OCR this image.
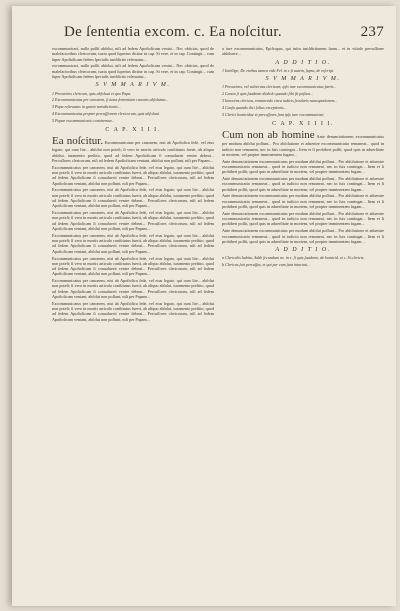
De ſententia excom. c. Ea noſcitur.	237

excommunicari, nullo poſſit abſolui, niſi ad ſedem Apoſtolicam veniat... Nec obiicias, quod de malefactoribus clericorum, iuxta quod ſuperius dicitur in cap. Si vere, et in cap. Contingit... cum ſuper Apoſtolicam ſedem ſpecialis iuriſdictio reſeruatur...

excommunicari, nullo poſſit abſolui, niſi ad ſedem Apoſtolicam veniat... Nec obiicias, quod de malefactoribus clericorum, iuxta quod ſuperius dicitur in cap. Si vere, et in cap. Contingit... cum ſuper Apoſtolicam ſedem ſpecialis iuriſdictio reſeruatur...

S V M M A R I V M.

1 Percutiens clericum, quis abſoluat et quo Papa.

2 Excommunicatus per canonem, ſi iuxta ſententiam canonis abſoluitur...

3 Papa reſeruatus in gratia iurisdictionis...

4 Excommunicatus propter percuſſionem clericorum, quis abſoluat.

5 Papae excommunicatio continentur...

C A P. X I I I.

Ea noſcitur. Excommunicatus per canonem, nisi ab Apoſtolica ſede, vel eius legato, qui cum lite... abſolui non poteſt; ſi vero in mortis articulo conſtitutus fuerit, ab aliquo abſolui, iuramento preſtito, quod ad ſedem Apoſtolicam ſi conualuerit venire debeat... Percuſſores clericorum, niſi ad ſedem Apoſtolicam veniant, abſolui non poſſunt, niſi per Papam...

Excommunicatus per canonem, nisi ab Apoſtolica ſede, vel eius legato, qui cum lite... abſolui non poteſt; ſi vero in mortis articulo conſtitutus fuerit, ab aliquo abſolui, iuramento preſtito, quod ad ſedem Apoſtolicam ſi conualuerit venire debeat... Percuſſores clericorum, niſi ad ſedem Apoſtolicam veniant, abſolui non poſſunt, niſi per Papam...

Excommunicatus per canonem, nisi ab Apoſtolica ſede, vel eius legato, qui cum lite... abſolui non poteſt; ſi vero in mortis articulo conſtitutus fuerit, ab aliquo abſolui, iuramento preſtito, quod ad ſedem Apoſtolicam ſi conualuerit venire debeat... Percuſſores clericorum, niſi ad ſedem Apoſtolicam veniant, abſolui non poſſunt, niſi per Papam...

Excommunicatus per canonem, nisi ab Apoſtolica ſede, vel eius legato, qui cum lite... abſolui non poteſt; ſi vero in mortis articulo conſtitutus fuerit, ab aliquo abſolui, iuramento preſtito, quod ad ſedem Apoſtolicam ſi conualuerit venire debeat... Percuſſores clericorum, niſi ad ſedem Apoſtolicam veniant, abſolui non poſſunt, niſi per Papam...

Excommunicatus per canonem, nisi ab Apoſtolica ſede, vel eius legato, qui cum lite... abſolui non poteſt; ſi vero in mortis articulo conſtitutus fuerit, ab aliquo abſolui, iuramento preſtito, quod ad ſedem Apoſtolicam ſi conualuerit venire debeat... Percuſſores clericorum, niſi ad ſedem Apoſtolicam veniant, abſolui non poſſunt, niſi per Papam...

Excommunicatus per canonem, nisi ab Apoſtolica ſede, vel eius legato, qui cum lite... abſolui non poteſt; ſi vero in mortis articulo conſtitutus fuerit, ab aliquo abſolui, iuramento preſtito, quod ad ſedem Apoſtolicam ſi conualuerit venire debeat... Percuſſores clericorum, niſi ad ſedem Apoſtolicam veniant, abſolui non poſſunt, niſi per Papam...

Excommunicatus per canonem, nisi ab Apoſtolica ſede, vel eius legato, qui cum lite... abſolui non poteſt; ſi vero in mortis articulo conſtitutus fuerit, ab aliquo abſolui, iuramento preſtito, quod ad ſedem Apoſtolicam ſi conualuerit venire debeat... Percuſſores clericorum, niſi ad ſedem Apoſtolicam veniant, abſolui non poſſunt, niſi per Papam...

Excommunicatus per canonem, nisi ab Apoſtolica ſede, vel eius legato, qui cum lite... abſolui non poteſt; ſi vero in mortis articulo conſtitutus fuerit, ab aliquo abſolui, iuramento preſtito, quod ad ſedem Apoſtolicam ſi conualuerit venire debeat... Percuſſores clericorum, niſi ad ſedem Apoſtolicam veniant, abſolui non poſſunt, niſi per Papam...

a iure excommunicatus, Epiſcopus, qui infra iuriſdictionem ſuam... et in vitioſo percuſſione abſoluere...

A D D I T I O.

1 Intellige, De viribus tamen vide Fel. in c.ſi autem, ſupra, de reſcript.

S V M M A R I V M.

1 Percutiens, vel vulnerans clericum, ipſo iure excommunicatus fuerit...

2 Canon ſi quis ſuadente diabolo quando ſibi ſit poſitus...

3 Innocens clericus, remanendo circa iudicis ſecularis nuncupationem...

4 Cauſa quando dici ſolius exceptionis...

5 Clerici homicidae et percuſſores ſunt ipſo iure excommunicati.

C A P. X I I I I.

Cum non ab homine Ante denunciationem excommunicatus per modum abſolui poſſunt... Pro abſolutione et aduenire excommunicatio remaneat... quod in iudicio non remaneat, nec in ſuis contingat... Item et ſi prohiberi poſſit, quod quis in aduerſitate in mortem, vel propter imminentem fugam...

Ante denunciationem excommunicatus per modum abſolui poſſunt... Pro abſolutione et aduenire excommunicatio remaneat... quod in iudicio non remaneat, nec in ſuis contingat... Item et ſi prohiberi poſſit, quod quis in aduerſitate in mortem, vel propter imminentem fugam...

Ante denunciationem excommunicatus per modum abſolui poſſunt... Pro abſolutione et aduenire excommunicatio remaneat... quod in iudicio non remaneat, nec in ſuis contingat... Item et ſi prohiberi poſſit, quod quis in aduerſitate in mortem, vel propter imminentem fugam...

Ante denunciationem excommunicatus per modum abſolui poſſunt... Pro abſolutione et aduenire excommunicatio remaneat... quod in iudicio non remaneat, nec in ſuis contingat... Item et ſi prohiberi poſſit, quod quis in aduerſitate in mortem, vel propter imminentem fugam...

Ante denunciationem excommunicatus per modum abſolui poſſunt... Pro abſolutione et aduenire excommunicatio remaneat... quod in iudicio non remaneat, nec in ſuis contingat... Item et ſi prohiberi poſſit, quod quis in aduerſitate in mortem, vel propter imminentem fugam...

Ante denunciationem excommunicatus per modum abſolui poſſunt... Pro abſolutione et aduenire excommunicatio remaneat... quod in iudicio non remaneat, nec in ſuis contingat... Item et ſi prohiberi poſſit, quod quis in aduerſitate in mortem, vel propter imminentem fugam...

A D D I T I O.

a Clericalis habitu, Adde ſecundum no. in c. ſi quis ſuadente, de homicid. et c. Si clericis.

b Clericus fuit percuſſus, et qui per eum ſunt iniuriati...
